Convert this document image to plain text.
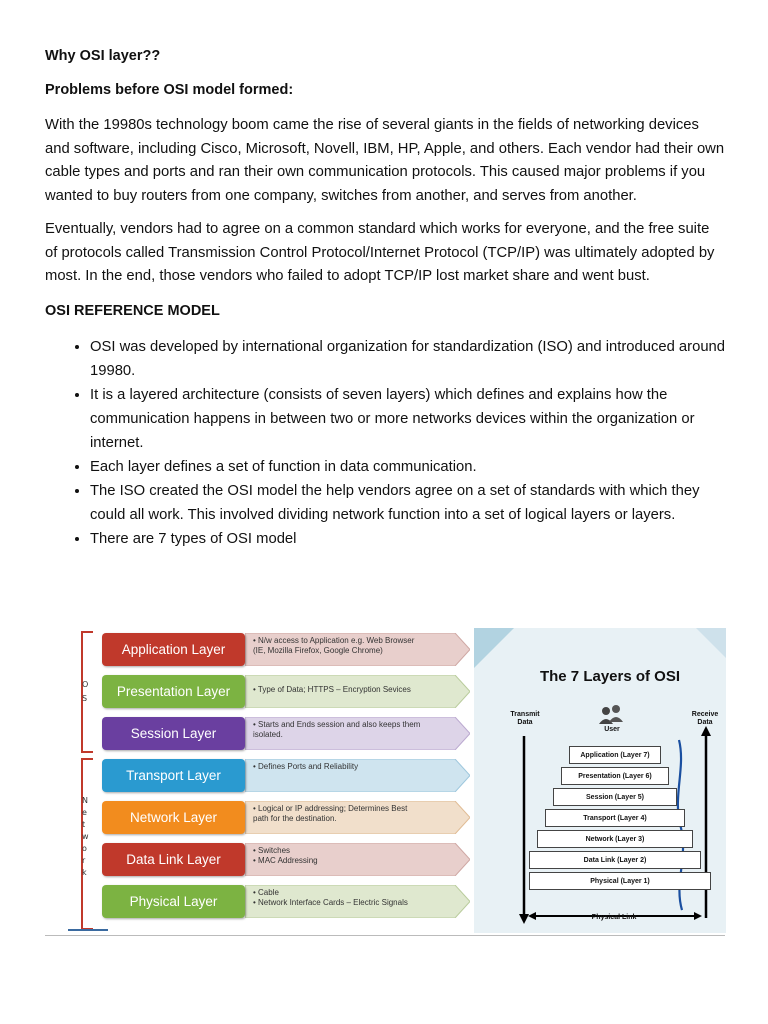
Why OSI layer??
Problems before OSI model formed:

With the 19980s technology boom came the rise of several giants in the fields of networking devices and software, including Cisco, Microsoft, Novell, IBM, HP, Apple, and others. Each vendor had their own cable types and ports and ran their own communication protocols. This caused major problems if you wanted to buy routers from one company, switches from another, and serves from another.

Eventually, vendors had to agree on a common standard which works for everyone, and the free suite of protocols called Transmission Control Protocol/Internet Protocol (TCP/IP) was ultimately adopted by most. In the end, those vendors who failed to adopt TCP/IP lost market share and went bust.

OSI REFERENCE MODEL
• OSI was developed by international organization for standardization (ISO) and introduced around 19980.
• It is a layered architecture (consists of seven layers) which defines and explains how the communication happens in between two or more networks devices within the organization or internet.
• Each layer defines a set of function in data communication.
• The ISO created the OSI model the help vendors agree on a set of standards with which they could all work. This involved dividing network function into a set of logical layers or layers.
• There are 7 types of OSI model
O
S
N
e
t
w
o
r
k
• N/w access to Application e.g. Web Browser
(IE, Mozilla Firefox, Google Chrome)
Application Layer
• Type of Data; HTTPS – Encryption Sevices
Presentation Layer
• Starts and Ends session and also keeps them
isolated.
Session Layer
• Defines Ports and Reliability
Transport Layer
• Logical or IP addressing; Determines Best
path for the destination.
Network Layer
• Switches
• MAC Addressing
Data Link Layer
• Cable
• Network Interface Cards – Electric Signals
Physical Layer
The 7 Layers of OSI
Transmit
Data
Receive
Data
User
Application (Layer 7)
Presentation (Layer 6)
Session (Layer 5)
Transport (Layer 4)
Network (Layer 3)
Data Link (Layer 2)
Physical (Layer 1)
Physical Link
